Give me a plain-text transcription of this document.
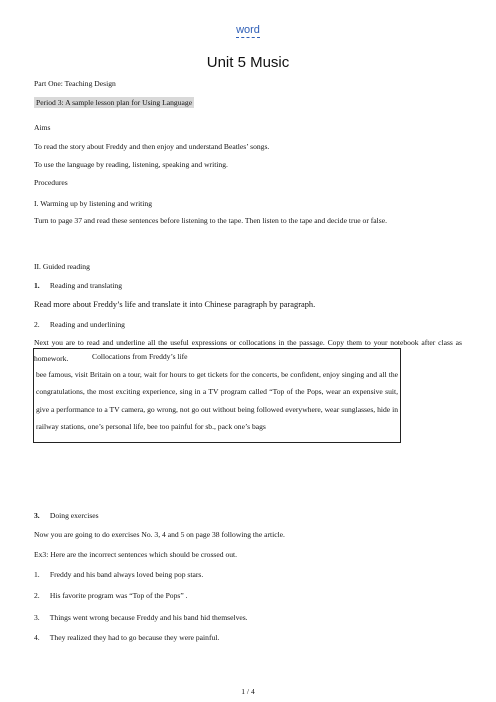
word
Unit 5 Music
Part One: Teaching Design
Period 3: A sample lesson plan for Using Language
Aims
To read the story about Freddy and then enjoy and understand Beatles’ songs.
To use the language by reading, listening, speaking and writing.
Procedures
I. Warming up by listening and writing
Turn to page 37 and read these sentences before listening to the tape. Then listen to the tape and decide true or false.
II. Guided reading
1. Reading and translating
Read more about Freddy’s life and translate it into Chinese paragraph by paragraph.
2. Reading and underlining
Next you are to read and underline all the useful expressions or collocations in the passage. Copy them to your notebook after class as homework.	Collocations from Freddy’s life
bee famous, visit Britain on a tour, wait for hours to get tickets for the concerts, be confident, enjoy singing and all the congratulations, the most exciting experience, sing in a TV program called “Top of the Pops, wear an expensive suit, give a performance to a TV camera, go wrong, not go out without being followed everywhere, wear sunglasses, hide in railway stations, one’s personal life, bee too painful for sb., pack one’s bags
3. Doing exercises
Now you are going to do exercises No. 3, 4 and 5 on page 38 following the article.
Ex3: Here are the incorrect sentences which should be crossed out.
1. Freddy and his band always loved being pop stars.
2. His favorite program was “Top of the Pops” .
3. Things went wrong because Freddy and his band hid themselves.
4. They realized they had to go because they were painful.
1 / 4
